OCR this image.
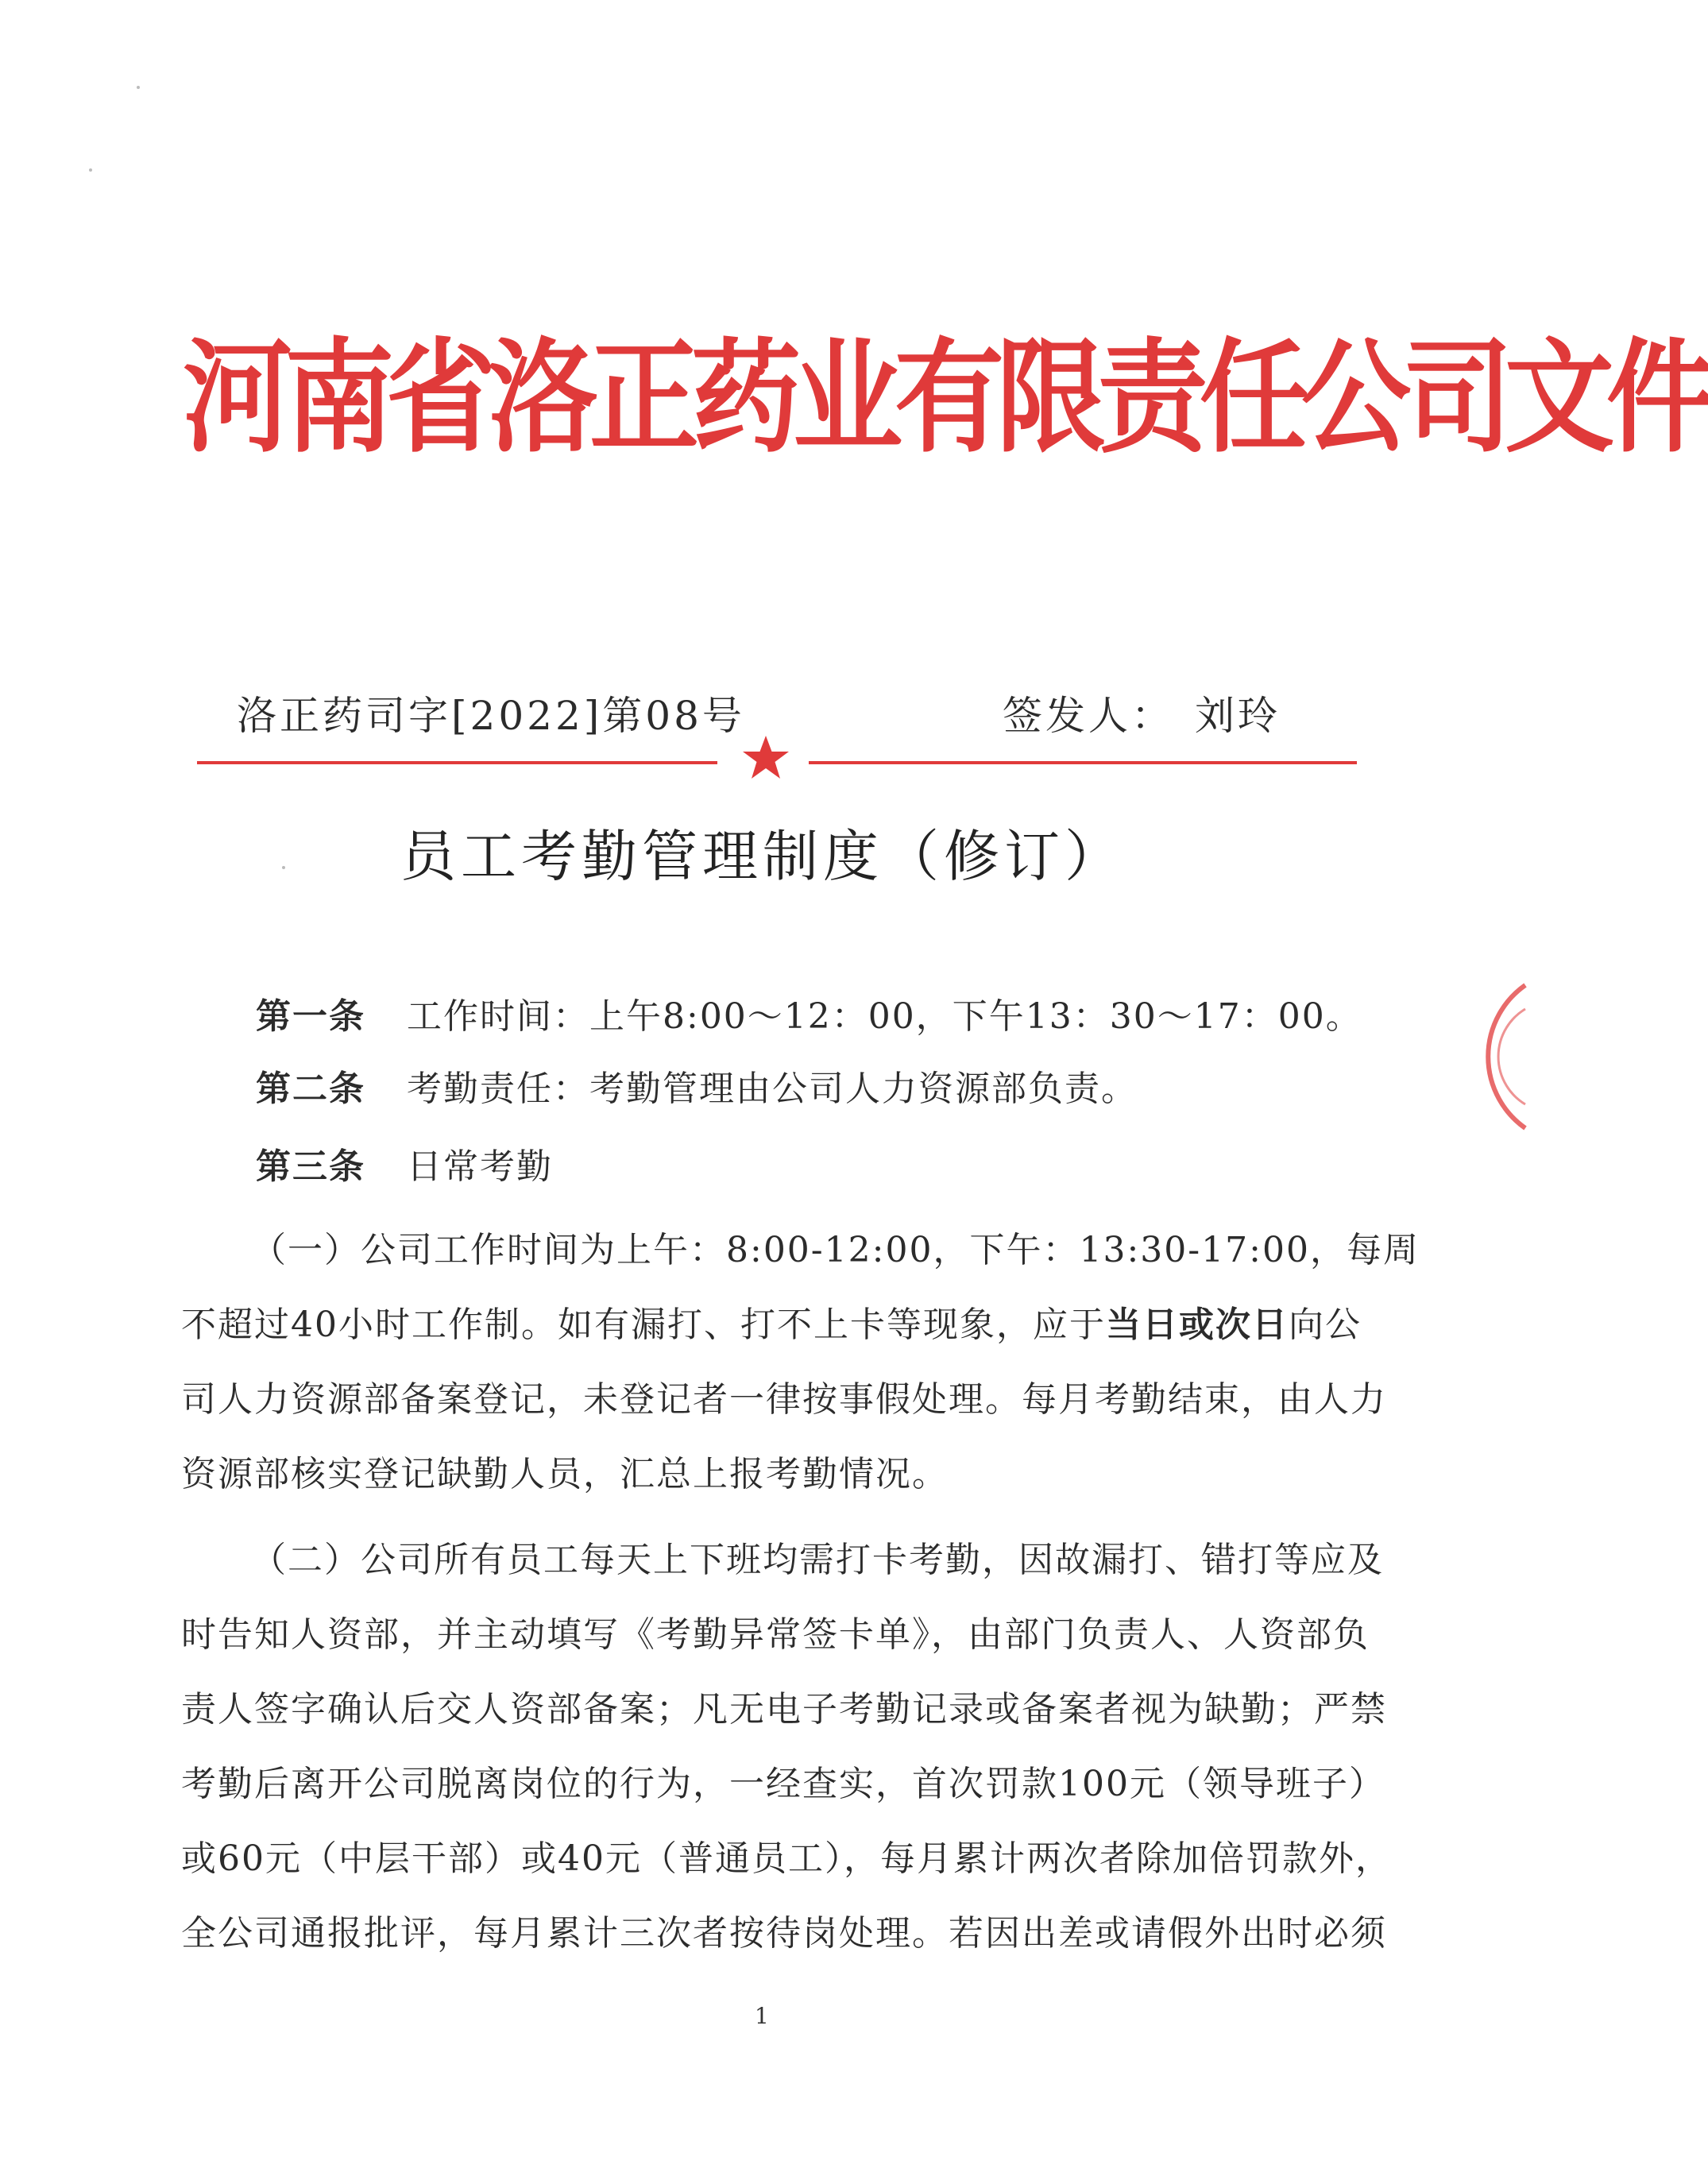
河南省洛正药业有限责任公司文件
洛正药司字[2022]第08号	签发人： 刘玲
员工考勤管理制度（修订）
第一条 工作时间：上午8:00～12：00，下午13：30～17：00。
第二条 考勤责任：考勤管理由公司人力资源部负责。
第三条 日常考勤
（一）公司工作时间为上午：8:00-12:00，下午：13:30-17:00，每周
不超过40小时工作制。如有漏打、打不上卡等现象，应于当日或次日向公
司人力资源部备案登记，未登记者一律按事假处理。每月考勤结束，由人力
资源部核实登记缺勤人员，汇总上报考勤情况。
（二）公司所有员工每天上下班均需打卡考勤，因故漏打、错打等应及
时告知人资部，并主动填写《考勤异常签卡单》，由部门负责人、人资部负
责人签字确认后交人资部备案；凡无电子考勤记录或备案者视为缺勤；严禁
考勤后离开公司脱离岗位的行为，一经查实，首次罚款100元（领导班子）
或60元（中层干部）或40元（普通员工），每月累计两次者除加倍罚款外，
全公司通报批评，每月累计三次者按待岗处理。若因出差或请假外出时必须
1
